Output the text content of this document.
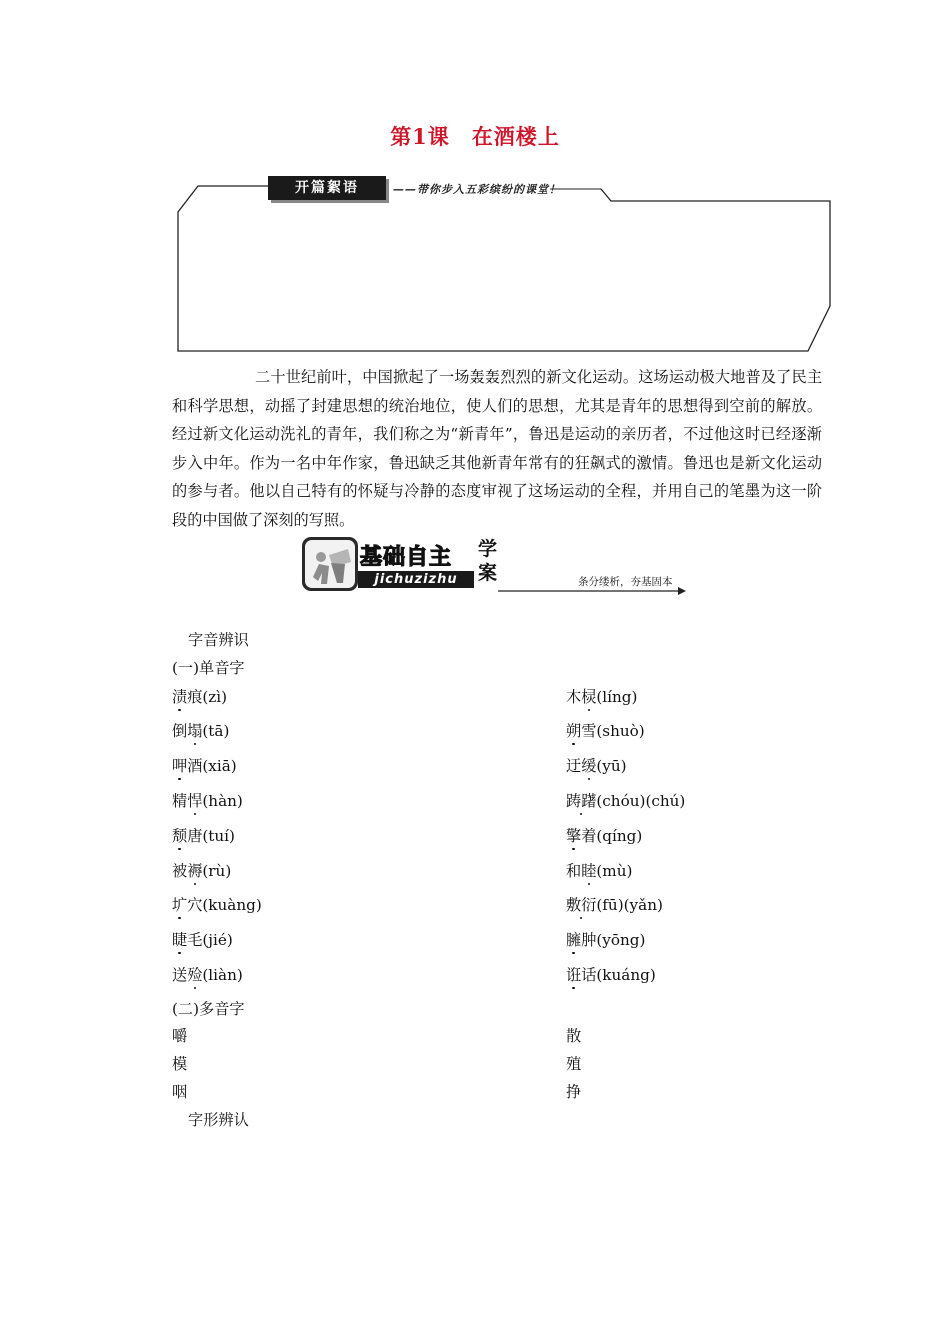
第1课　在酒楼上
开篇絮语	——带你步入五彩缤纷的课堂！

二十世纪前叶，中国掀起了一场轰轰烈烈的新文化运动。这场运动极大地普及了民主和科学思想，动摇了封建思想的统治地位，使人们的思想，尤其是青年的思想得到空前的解放。经过新文化运动洗礼的青年，我们称之为“新青年”，鲁迅是运动的亲历者，不过他这时已经逐渐步入中年。作为一名中年作家，鲁迅缺乏其他新青年常有的狂飙式的激情。鲁迅也是新文化运动的参与者。他以自己特有的怀疑与冷静的态度审视了这场运动的全程，并用自己的笔墨为这一阶段的中国做了深刻的写照。

基础自主
jichuzizhu
学案	条分缕析，夯基固本
字音辨识
(一)单音字
渍痕(zì)	木棂(líng)
倒塌(tā)	朔雪(shuò)
呷酒(xiā)	迂缓(yū)
精悍(hàn)	踌躇(chóu)(chú)
颓唐(tuí)	擎着(qíng)
被褥(rù)	和睦(mù)
圹穴(kuàng)	敷衍(fū)(yǎn)
睫毛(jié)	臃肿(yōng)
送殓(liàn)	诳话(kuáng)
(二)多音字
嚼	散
模	殖
咽	挣
字形辨认
